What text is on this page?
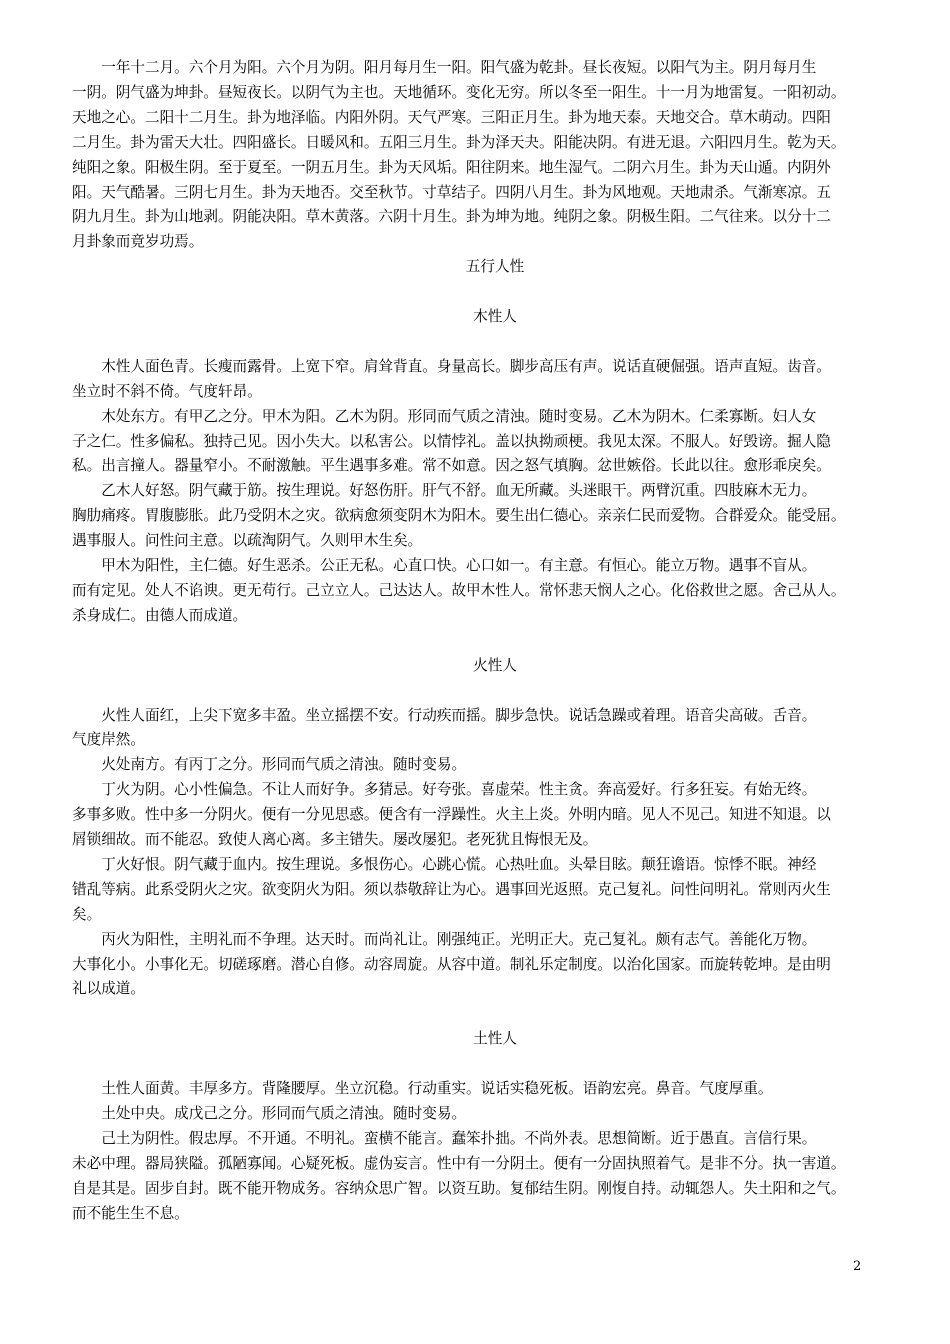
一年十二月。六个月为阳。六个月为阴。阳月每月生一阳。阳气盛为乾卦。昼长夜短。以阳气为主。阴月每月生
一阴。阴气盛为坤卦。昼短夜长。以阴气为主也。天地循环。变化无穷。所以冬至一阳生。十一月为地雷复。一阳初动。
天地之心。二阳十二月生。卦为地泽临。内阳外阴。天气严寒。三阳正月生。卦为地天泰。天地交合。草木萌动。四阳
二月生。卦为雷天大壮。四阳盛长。日暖风和。五阳三月生。卦为泽天夬。阳能决阴。有进无退。六阳四月生。乾为天。
纯阳之象。阳极生阴。至于夏至。一阴五月生。卦为天风垢。阳往阴来。地生湿气。二阴六月生。卦为天山遁。内阴外
阳。天气酷暑。三阴七月生。卦为天地否。交至秋节。寸草结子。四阴八月生。卦为风地观。天地肃杀。气渐寒凉。五
阴九月生。卦为山地剥。阴能决阳。草木黄落。六阴十月生。卦为坤为地。纯阴之象。阴极生阳。二气往来。以分十二
月卦象而竟岁功焉。

五行人性

木性人

木性人面色青。长瘦而露骨。上宽下窄。肩耸背直。身量高长。脚步高压有声。说话直硬倔强。语声直短。齿音。
坐立时不斜不倚。气度轩昂。

木处东方。有甲乙之分。甲木为阳。乙木为阴。形同而气质之清浊。随时变易。乙木为阴木。仁柔寡断。妇人女
子之仁。性多偏私。独持己见。因小失大。以私害公。以情悖礼。盖以执拗顽梗。我见太深。不服人。好毁谤。掘人隐
私。出言撞人。器量窄小。不耐激触。平生遇事多难。常不如意。因之怒气填胸。忿世嫉俗。长此以往。愈形乖戾矣。

乙木人好怒。阴气藏于筋。按生理说。好怒伤肝。肝气不舒。血无所藏。头迷眼干。两臂沉重。四肢麻木无力。
胸肋痛疼。胃腹膨胀。此乃受阴木之灾。欲病愈须变阴木为阳木。要生出仁德心。亲亲仁民而爱物。合群爱众。能受屈。
遇事服人。问性问主意。以疏淘阴气。久则甲木生矣。

甲木为阳性，主仁德。好生恶杀。公正无私。心直口快。心口如一。有主意。有恒心。能立万物。遇事不盲从。
而有定见。处人不谄谀。更无苟行。己立立人。己达达人。故甲木性人。常怀悲天悯人之心。化俗救世之愿。舍己从人。
杀身成仁。由德人而成道。

火性人

火性人面红，上尖下宽多丰盈。坐立摇摆不安。行动疾而摇。脚步急快。说话急躁或着理。语音尖高破。舌音。
气度岸然。

火处南方。有丙丁之分。形同而气质之清浊。随时变易。

丁火为阴。心小性偏急。不让人而好争。多猜忌。好夸张。喜虚荣。性主贪。奔高爱好。行多狂妄。有始无终。
多事多败。性中多一分阴火。便有一分见思惑。便含有一浮躁性。火主上炎。外明内暗。见人不见己。知进不知退。以
屑锁细故。而不能忍。致使人离心离。多主错失。屡改屡犯。老死犹且悔恨无及。

丁火好恨。阴气藏于血内。按生理说。多恨伤心。心跳心慌。心热吐血。头晕目眩。颠狂谵语。惊悸不眠。神经
错乱等病。此系受阴火之灾。欲变阴火为阳。须以恭敬辞让为心。遇事回光返照。克己复礼。问性问明礼。常则丙火生
矣。

丙火为阳性，主明礼而不争理。达天时。而尚礼让。刚强纯正。光明正大。克己复礼。颇有志气。善能化万物。
大事化小。小事化无。切磋琢磨。潜心自修。动容周旋。从容中道。制礼乐定制度。以治化国家。而旋转乾坤。是由明
礼以成道。

土性人

土性人面黄。丰厚多方。背隆腰厚。坐立沉稳。行动重实。说话实稳死板。语韵宏亮。鼻音。气度厚重。

土处中央。成戊己之分。形同而气质之清浊。随时变易。

己土为阴性。假忠厚。不开通。不明礼。蛮横不能言。蠢笨扑拙。不尚外表。思想简断。近于愚直。言信行果。
未必中理。器局狭隘。孤陋寡闻。心疑死板。虚伪妄言。性中有一分阴土。便有一分固执照着气。是非不分。执一害道。
自是其是。固步自封。既不能开物成务。容纳众思广智。以资互助。复郁结生阴。刚愎自持。动辄怨人。失土阳和之气。
而不能生生不息。

2
